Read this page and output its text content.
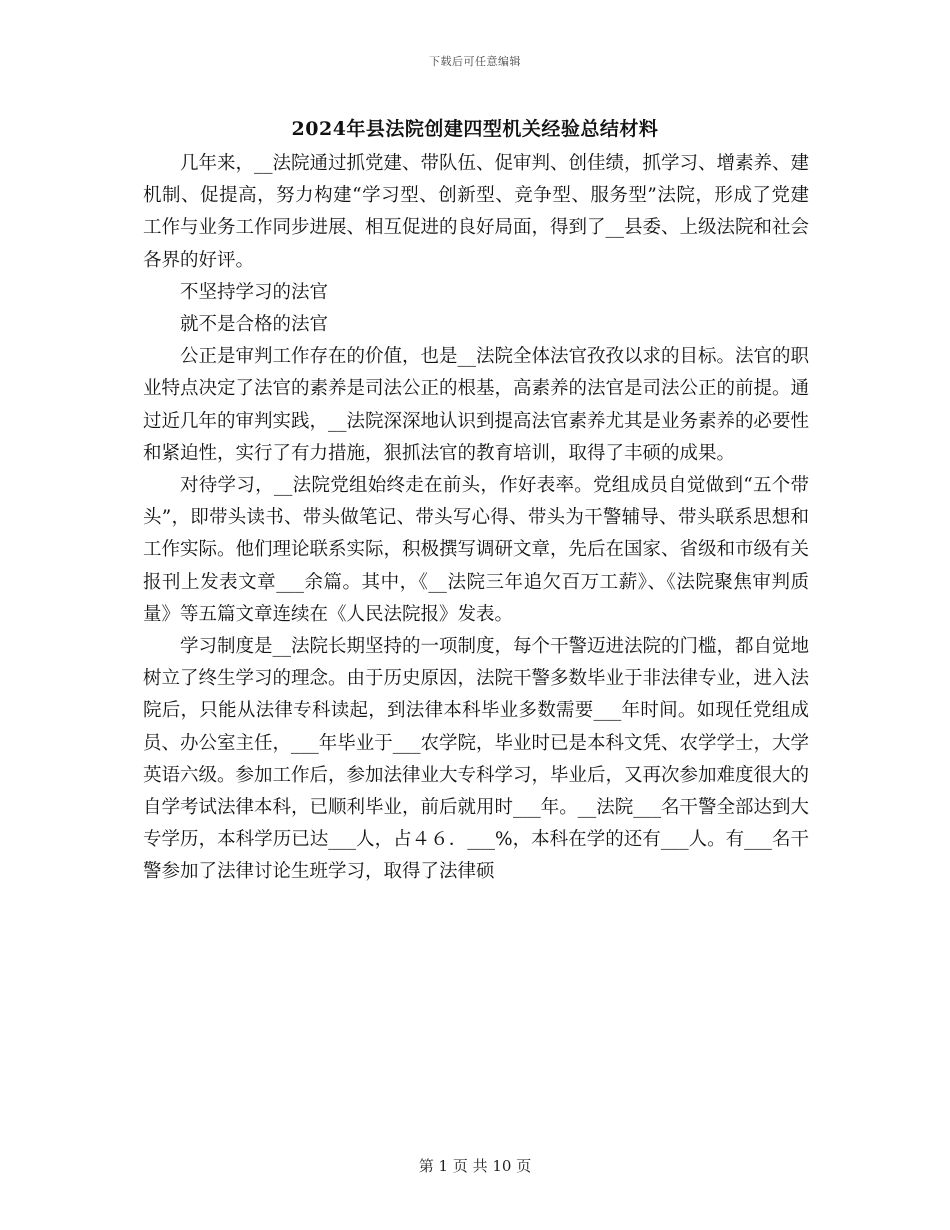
下载后可任意编辑
2024年县法院创建四型机关经验总结材料

几年来，__法院通过抓党建、带队伍、促审判、创佳绩，抓学习、增素养、建机制、促提高，努力构建“学习型、创新型、竞争型、服务型”法院，形成了党建工作与业务工作同步进展、相互促进的良好局面，得到了__县委、上级法院和社会各界的好评。

不坚持学习的法官

就不是合格的法官

公正是审判工作存在的价值，也是__法院全体法官孜孜以求的目标。法官的职业特点决定了法官的素养是司法公正的根基，高素养的法官是司法公正的前提。通过近几年的审判实践，__法院深深地认识到提高法官素养尤其是业务素养的必要性和紧迫性，实行了有力措施，狠抓法官的教育培训，取得了丰硕的成果。

对待学习，__法院党组始终走在前头，作好表率。党组成员自觉做到“五个带头”，即带头读书、带头做笔记、带头写心得、带头为干警辅导、带头联系思想和工作实际。他们理论联系实际，积极撰写调研文章，先后在国家、省级和市级有关报刊上发表文章___余篇。其中，《__法院三年追欠百万工薪》、《法院聚焦审判质量》等五篇文章连续在《人民法院报》发表。

学习制度是__法院长期坚持的一项制度，每个干警迈进法院的门槛，都自觉地树立了终生学习的理念。由于历史原因，法院干警多数毕业于非法律专业，进入法院后，只能从法律专科读起，到法律本科毕业多数需要___年时间。如现任党组成员、办公室主任，___年毕业于___农学院，毕业时已是本科文凭、农学学士，大学英语六级。参加工作后，参加法律业大专科学习，毕业后，又再次参加难度很大的自学考试法律本科，已顺利毕业，前后就用时___年。__法院___名干警全部达到大专学历，本科学历已达___人，占４６．___%，本科在学的还有___人。有___名干警参加了法律讨论生班学习，取得了法律硕

第 1 页 共 10 页
